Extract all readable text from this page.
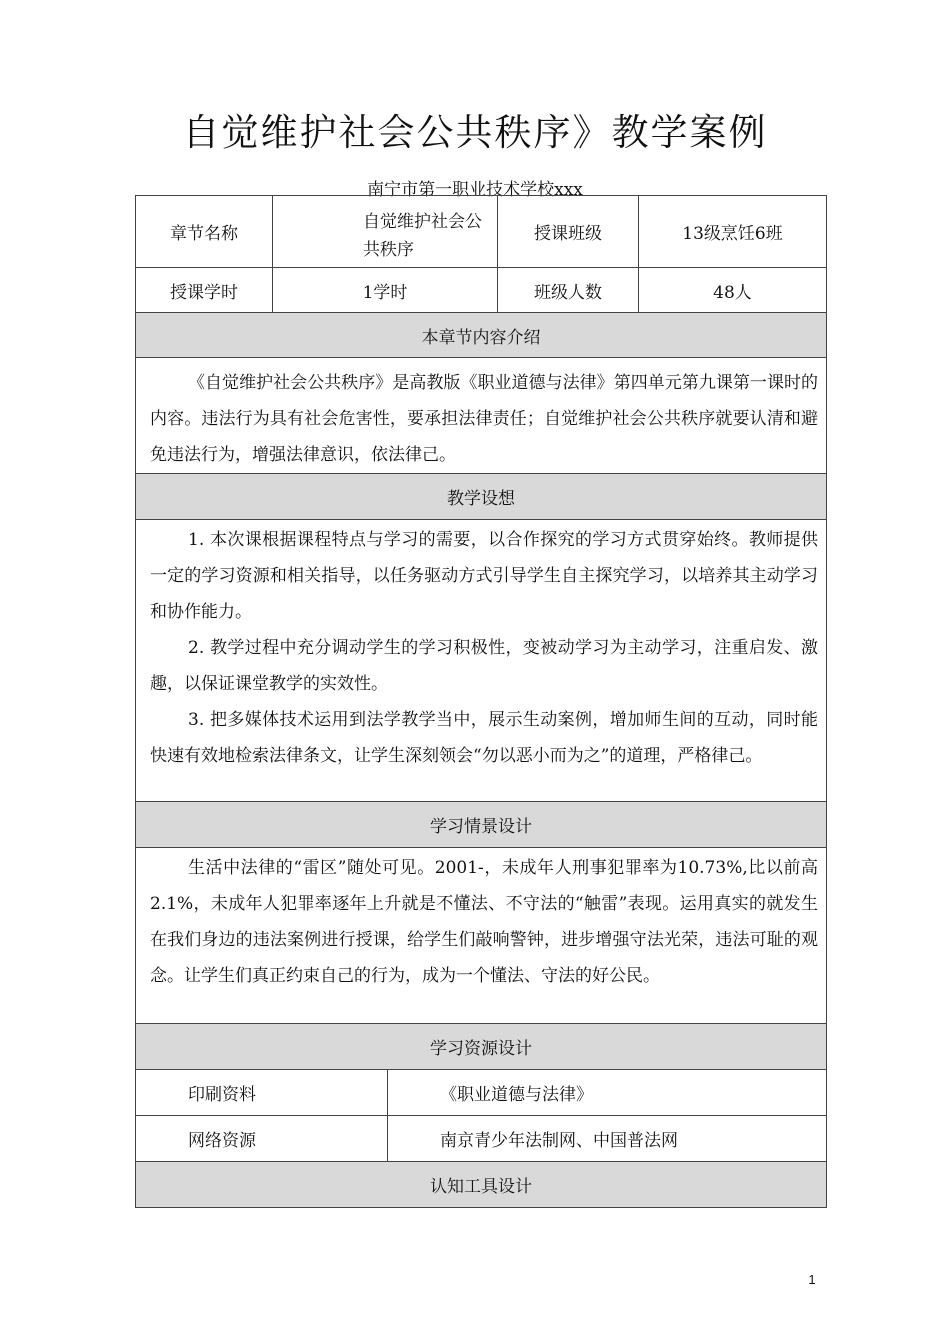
自觉维护社会公共秩序》教学案例
南宁市第一职业技术学校xxx
章节名称	自觉维护社会公共秩序		授课班级	13级烹饪6班
授课学时	1学时		班级人数	48人
本章节内容介绍				

《自觉维护社会公共秩序》是高教版《职业道德与法律》第四单元第九课第一课时的内容。违法行为具有社会危害性，要承担法律责任；自觉维护社会公共秩序就要认清和避免违法行为，增强法律意识，依法律己。				

教学设想				

1. 本次课根据课程特点与学习的需要，以合作探究的学习方式贯穿始终。教师提供一定的学习资源和相关指导，以任务驱动方式引导学生自主探究学习，以培养其主动学习和协作能力。
2. 教学过程中充分调动学生的学习积极性，变被动学习为主动学习，注重启发、激趣，以保证课堂教学的实效性。
3. 把多媒体技术运用到法学教学当中，展示生动案例，增加师生间的互动，同时能快速有效地检索法律条文，让学生深刻领会“勿以恶小而为之”的道理，严格律己。				

学习情景设计				

生活中法律的“雷区”随处可见。2001-，未成年人刑事犯罪率为10.73%,比以前高2.1%，未成年人犯罪率逐年上升就是不懂法、不守法的“触雷”表现。运用真实的就发生在我们身边的违法案例进行授课，给学生们敲响警钟，进步增强守法光荣，违法可耻的观念。让学生们真正约束自己的行为，成为一个懂法、守法的好公民。				

学习资源设计				
印刷资料		《职业道德与法律》		
网络资源		南京青少年法制网、中国普法网		
认知工具设计				
1
